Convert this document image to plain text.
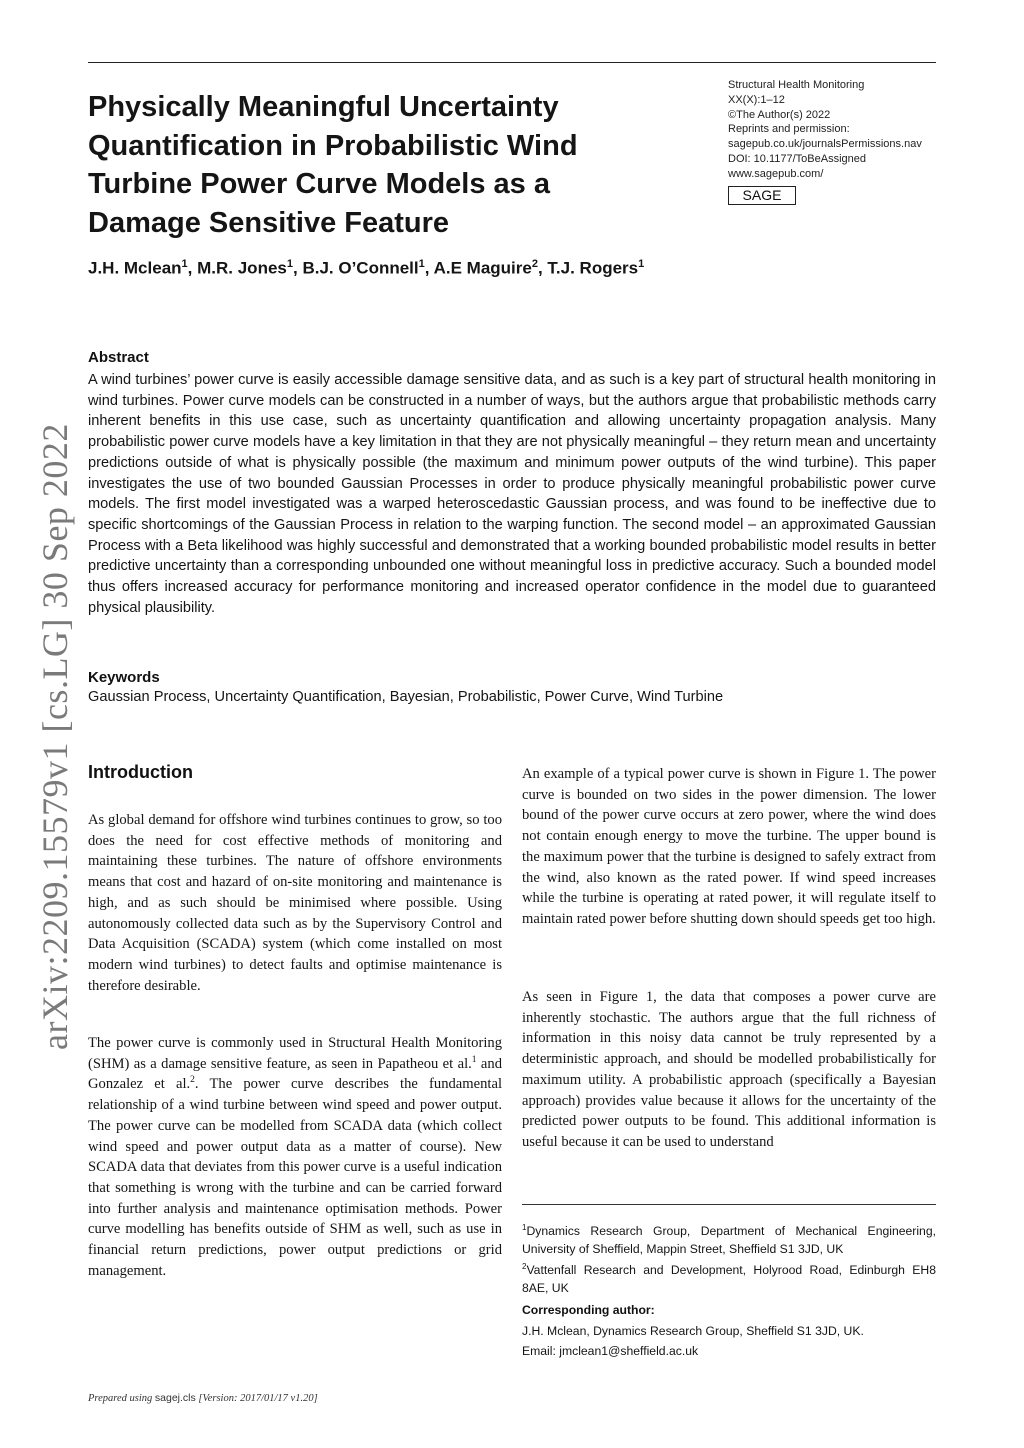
Physically Meaningful Uncertainty Quantification in Probabilistic Wind Turbine Power Curve Models as a Damage Sensitive Feature
Structural Health Monitoring
XX(X):1–12
©The Author(s) 2022
Reprints and permission:
sagepub.co.uk/journalsPermissions.nav
DOI: 10.1177/ToBeAssigned
www.sagepub.com/
SAGE
J.H. Mclean$^1$, M.R. Jones$^1$, B.J. O’Connell$^1$, A.E Maguire$^2$, T.J. Rogers$^1$
arXiv:2209.15579v1 [cs.LG] 30 Sep 2022
Abstract

A wind turbines’ power curve is easily accessible damage sensitive data, and as such is a key part of structural health monitoring in wind turbines. Power curve models can be constructed in a number of ways, but the authors argue that probabilistic methods carry inherent benefits in this use case, such as uncertainty quantification and allowing uncertainty propagation analysis. Many probabilistic power curve models have a key limitation in that they are not physically meaningful – they return mean and uncertainty predictions outside of what is physically possible (the maximum and minimum power outputs of the wind turbine). This paper investigates the use of two bounded Gaussian Processes in order to produce physically meaningful probabilistic power curve models. The first model investigated was a warped heteroscedastic Gaussian process, and was found to be ineffective due to specific shortcomings of the Gaussian Process in relation to the warping function. The second model – an approximated Gaussian Process with a Beta likelihood was highly successful and demonstrated that a working bounded probabilistic model results in better predictive uncertainty than a corresponding unbounded one without meaningful loss in predictive accuracy. Such a bounded model thus offers increased accuracy for performance monitoring and increased operator confidence in the model due to guaranteed physical plausibility.

Keywords

Gaussian Process, Uncertainty Quantification, Bayesian, Probabilistic, Power Curve, Wind Turbine

Introduction

As global demand for offshore wind turbines continues to grow, so too does the need for cost effective methods of monitoring and maintaining these turbines. The nature of offshore environments means that cost and hazard of on-site monitoring and maintenance is high, and as such should be minimised where possible. Using autonomously collected data such as by the Supervisory Control and Data Acquisition (SCADA) system (which come installed on most modern wind turbines) to detect faults and optimise maintenance is therefore desirable.

The power curve is commonly used in Structural Health Monitoring (SHM) as a damage sensitive feature, as seen in Papatheou et al.$^1$ and Gonzalez et al.$^2$. The power curve describes the fundamental relationship of a wind turbine between wind speed and power output. The power curve can be modelled from SCADA data (which collect wind speed and power output data as a matter of course). New SCADA data that deviates from this power curve is a useful indication that something is wrong with the turbine and can be carried forward into further analysis and maintenance optimisation methods. Power curve modelling has benefits outside of SHM as well, such as use in financial return predictions, power output predictions or grid management.

An example of a typical power curve is shown in Figure 1. The power curve is bounded on two sides in the power dimension. The lower bound of the power curve occurs at zero power, where the wind does not contain enough energy to move the turbine. The upper bound is the maximum power that the turbine is designed to safely extract from the wind, also known as the rated power. If wind speed increases while the turbine is operating at rated power, it will regulate itself to maintain rated power before shutting down should speeds get too high.

As seen in Figure 1, the data that composes a power curve are inherently stochastic. The authors argue that the full richness of information in this noisy data cannot be truly represented by a deterministic approach, and should be modelled probabilistically for maximum utility. A probabilistic approach (specifically a Bayesian approach) provides value because it allows for the uncertainty of the predicted power outputs to be found. This additional information is useful because it can be used to understand

$^1$Dynamics Research Group, Department of Mechanical Engineering, University of Sheffield, Mappin Street, Sheffield S1 3JD, UK

$^2$Vattenfall Research and Development, Holyrood Road, Edinburgh EH8 8AE, UK

Corresponding author:
J.H. Mclean, Dynamics Research Group, Sheffield S1 3JD, UK.
Email: jmclean1@sheffield.ac.uk
Prepared using sagej.cls [Version: 2017/01/17 v1.20]
